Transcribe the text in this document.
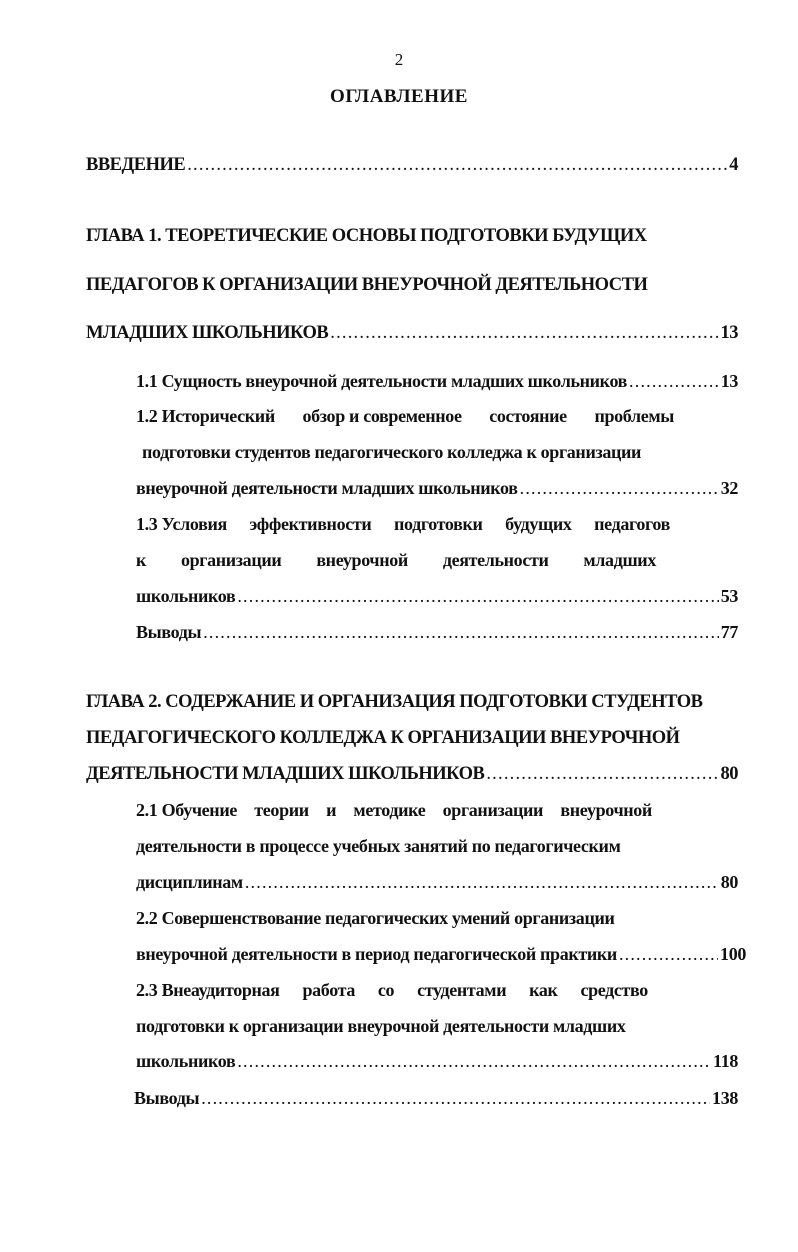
2
ОГЛАВЛЕНИЕ
ВВЕДЕНИЕ .....	4
ГЛАВА 1. ТЕОРЕТИЧЕСКИЕ ОСНОВЫ ПОДГОТОВКИ БУДУЩИХ
ПЕДАГОГОВ К ОРГАНИЗАЦИИ ВНЕУРОЧНОЙ ДЕЯТЕЛЬНОСТИ
МЛАДШИХ ШКОЛЬНИКОВ .....	13
1.1 Сущность внеурочной деятельности младших школьников .....	13
1.2 Исторический обзор и современное состояние проблемы
подготовки студентов педагогического колледжа к организации
внеурочной деятельности младших школьников .....	32
1.3 Условия эффективности подготовки будущих педагогов
к организации внеурочной деятельности младших
школьников .....	53
Выводы .....	77
ГЛАВА 2. СОДЕРЖАНИЕ И ОРГАНИЗАЦИЯ ПОДГОТОВКИ СТУДЕНТОВ
ПЕДАГОГИЧЕСКОГО КОЛЛЕДЖА К ОРГАНИЗАЦИИ ВНЕУРОЧНОЙ
ДЕЯТЕЛЬНОСТИ МЛАДШИХ ШКОЛЬНИКОВ .....	80
2.1 Обучение теории и методике организации внеурочной
деятельности в процессе учебных занятий по педагогическим
дисциплинам .....	80
2.2 Совершенствование педагогических умений организации
внеурочной деятельности в период педагогической практики .....	100
2.3 Внеаудиторная работа со студентами как средство
подготовки к организации внеурочной деятельности младших
школьников .....	118
Выводы .....	138
